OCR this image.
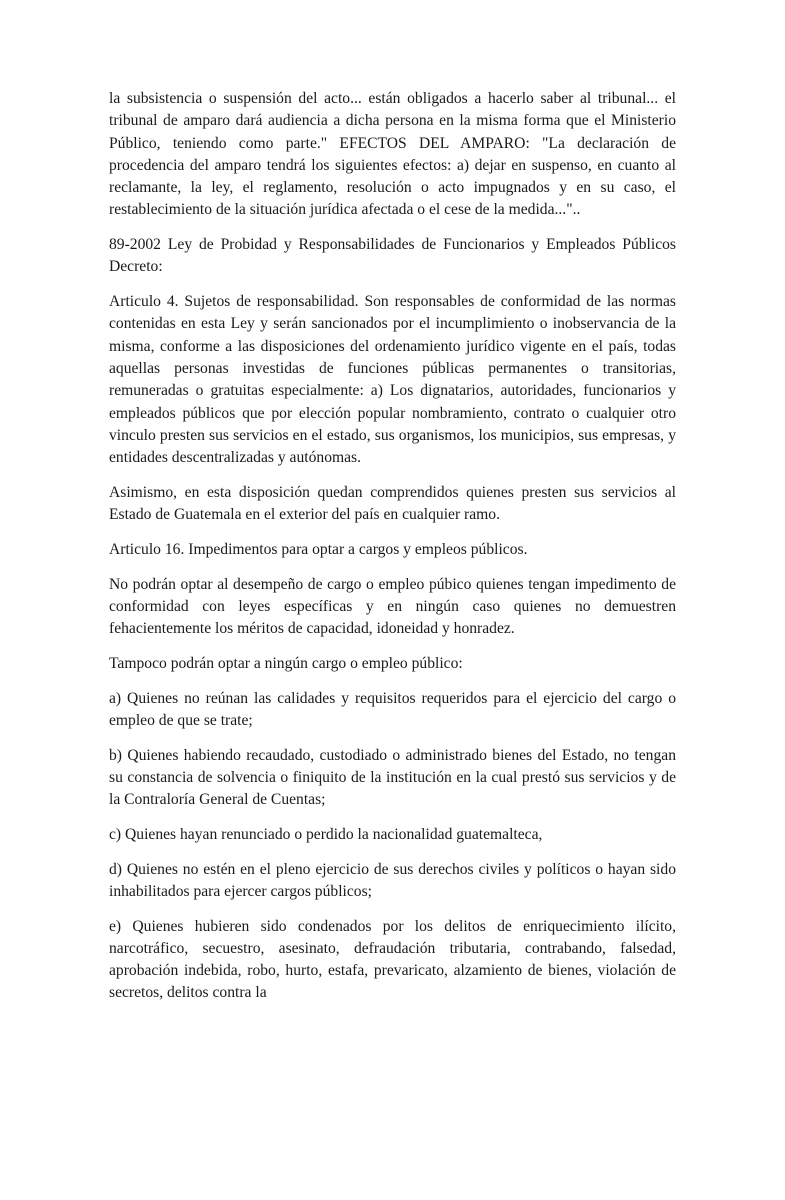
la subsistencia o suspensión del acto... están obligados a hacerlo saber al tribunal... el tribunal de amparo dará audiencia a dicha persona en la misma forma que el Ministerio Público, teniendo como parte." EFECTOS DEL AMPARO: "La declaración de procedencia del amparo tendrá los siguientes efectos: a) dejar en suspenso, en cuanto al reclamante, la ley, el reglamento, resolución o acto impugnados y en su caso, el restablecimiento de la situación jurídica afectada o el cese de la medida..."..

89-2002 Ley de Probidad y Responsabilidades de Funcionarios y Empleados Públicos Decreto:

Articulo 4. Sujetos de responsabilidad. Son responsables de conformidad de las normas contenidas en esta Ley y serán sancionados por el incumplimiento o inobservancia de la misma, conforme a las disposiciones del ordenamiento jurídico vigente en el país, todas aquellas personas investidas de funciones públicas permanentes o transitorias, remuneradas o gratuitas especialmente: a) Los dignatarios, autoridades, funcionarios y empleados públicos que por elección popular nombramiento, contrato o cualquier otro vinculo presten sus servicios en el estado, sus organismos, los municipios, sus empresas, y entidades descentralizadas y autónomas.

Asimismo, en esta disposición quedan comprendidos quienes presten sus servicios al Estado de Guatemala en el exterior del país en cualquier ramo.

Articulo 16. Impedimentos para optar a cargos y empleos públicos.

No podrán optar al desempeño de cargo o empleo púbico quienes tengan impedimento de conformidad con leyes específicas y en ningún caso quienes no demuestren fehacientemente los méritos de capacidad, idoneidad y honradez.

Tampoco podrán optar a ningún cargo o empleo público:

a) Quienes no reúnan las calidades y requisitos requeridos para el ejercicio del cargo o empleo de que se trate;

b) Quienes habiendo recaudado, custodiado o administrado bienes del Estado, no tengan su constancia de solvencia o finiquito de la institución en la cual prestó sus servicios y de la Contraloría General de Cuentas;

c) Quienes hayan renunciado o perdido la nacionalidad guatemalteca,

d) Quienes no estén en el pleno ejercicio de sus derechos civiles y políticos o hayan sido inhabilitados para ejercer cargos públicos;

e) Quienes hubieren sido condenados por los delitos de enriquecimiento ilícito, narcotráfico, secuestro, asesinato, defraudación tributaria, contrabando, falsedad, aprobación indebida, robo, hurto, estafa, prevaricato, alzamiento de bienes, violación de secretos, delitos contra la
